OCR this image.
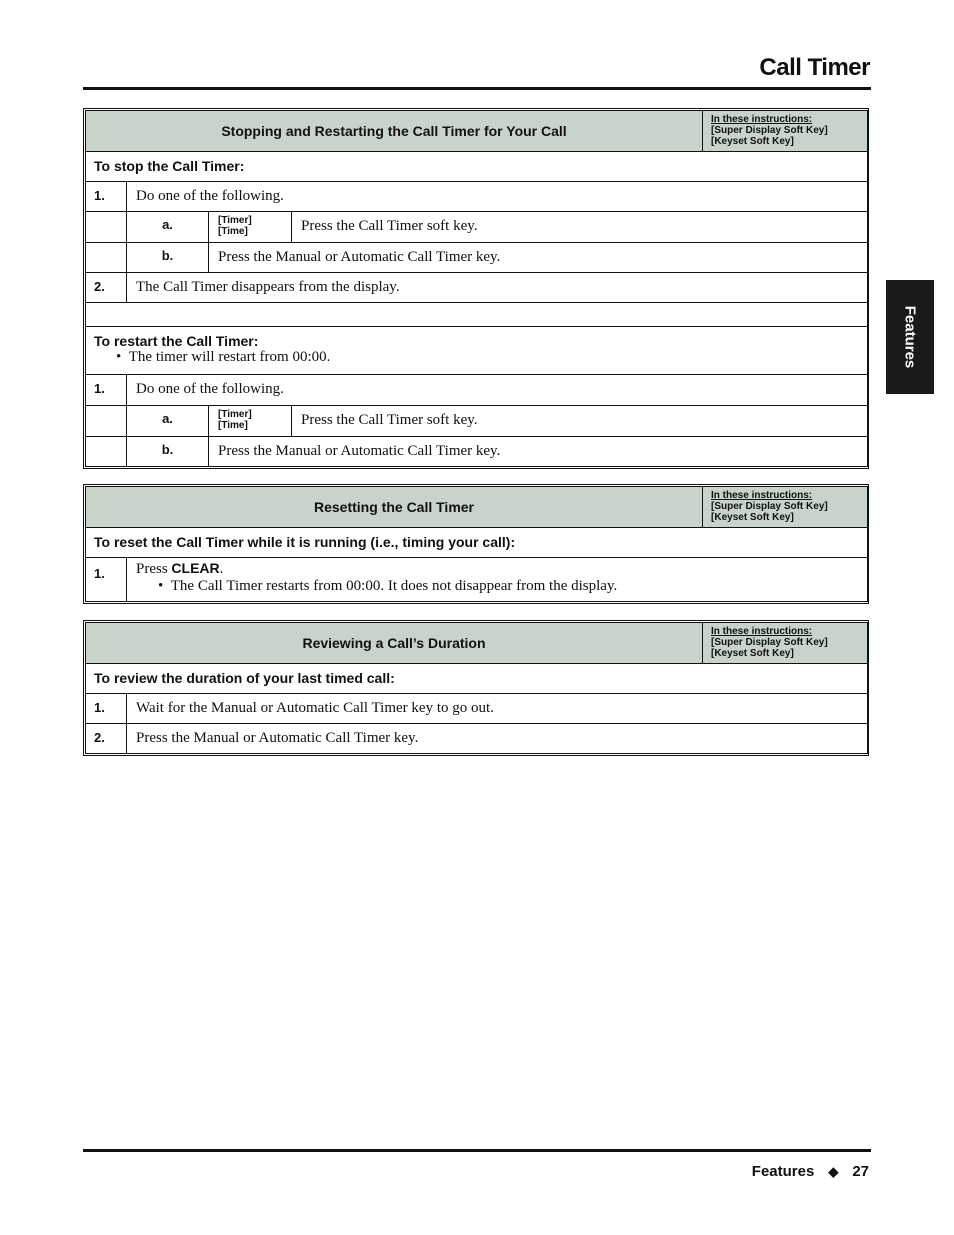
Call Timer
Features
Stopping and Restarting the Call Timer for Your Call				In these instructions:
[Super Display Soft Key]
[Keyset Soft Key]

To stop the Call Timer:				
1.	Do one of the following.			
	a.	[Timer]
[Time]	Press the Call Timer soft key.	
	b.	Press the Manual or Automatic Call Timer key.		
2.	The Call Timer disappears from the display.			

To restart the Call Timer:
•  The timer will restart from 00:00.				

1.	Do one of the following.			
	a.	[Timer]
[Time]	Press the Call Timer soft key.	
	b.	Press the Manual or Automatic Call Timer key.		
Resetting the Call Timer		In these instructions:
[Super Display Soft Key]
[Keyset Soft Key]

To reset the Call Timer while it is running (i.e., timing your call):		
1.	Press CLEAR.
•  The Call Timer restarts from 00:00. It does not disappear from the display.	
Reviewing a Call’s Duration		In these instructions:
[Super Display Soft Key]
[Keyset Soft Key]

To review the duration of your last timed call:		
1.	Wait for the Manual or Automatic Call Timer key to go out.	
2.	Press the Manual or Automatic Call Timer key.	
Features ◆ 27
